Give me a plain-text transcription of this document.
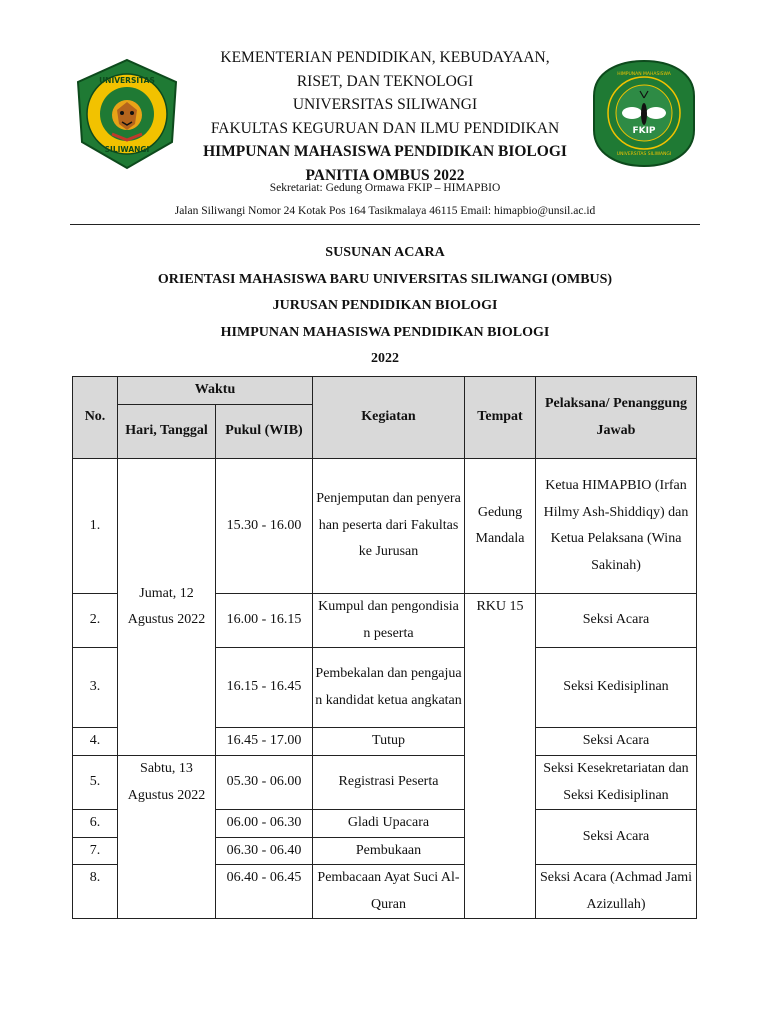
UNIVERSITAS
SILIWANGI
KEMENTERIAN PENDIDIKAN, KEBUDAYAAN,
RISET, DAN TEKNOLOGI
UNIVERSITAS SILIWANGI
FAKULTAS KEGURUAN DAN ILMU PENDIDIKAN
HIMPUNAN MAHASISWA PENDIDIKAN BIOLOGI
PANITIA OMBUS 2022
FKIP
HIMPUNAN MAHASISWA
UNIVERSITAS SILIWANGI
Sekretariat: Gedung Ormawa FKIP – HIMAPBIO
Jalan Siliwangi Nomor 24 Kotak Pos 164 Tasikmalaya 46115 Email: himapbio@unsil.ac.id
SUSUNAN ACARA
ORIENTASI MAHASISWA BARU UNIVERSITAS SILIWANGI (OMBUS)
JURUSAN PENDIDIKAN BIOLOGI
HIMPUNAN MAHASISWA PENDIDIKAN BIOLOGI
2022
No.	Waktu		Kegiatan	Tempat	Pelaksana/ Penanggung Jawab
	Hari, Tanggal	Pukul (WIB)			
1.	Jumat, 12 Agustus 2022	15.30 - 16.00	Penjemputan dan penyerahan peserta dari Fakultas ke Jurusan	Gedung Mandala	Ketua HIMAPBIO (Irfan Hilmy Ash-Shiddiqy) dan Ketua Pelaksana (Wina Sakinah)
2.		16.00 - 16.15	Kumpul dan pengondisian peserta	RKU 15	Seksi Acara
3.		16.15 - 16.45	Pembekalan dan pengajuan kandidat ketua angkatan		Seksi Kedisiplinan
4.		16.45 - 17.00	Tutup		Seksi Acara
5.	Sabtu, 13 Agustus 2022	05.30 - 06.00	Registrasi Peserta		Seksi Kesekretariatan dan Seksi Kedisiplinan
6.		06.00 - 06.30	Gladi Upacara		Seksi Acara
7.		06.30 - 06.40	Pembukaan		
8.		06.40 - 06.45	Pembacaan Ayat Suci Al-Quran		Seksi Acara (Achmad Jami Azizullah)
